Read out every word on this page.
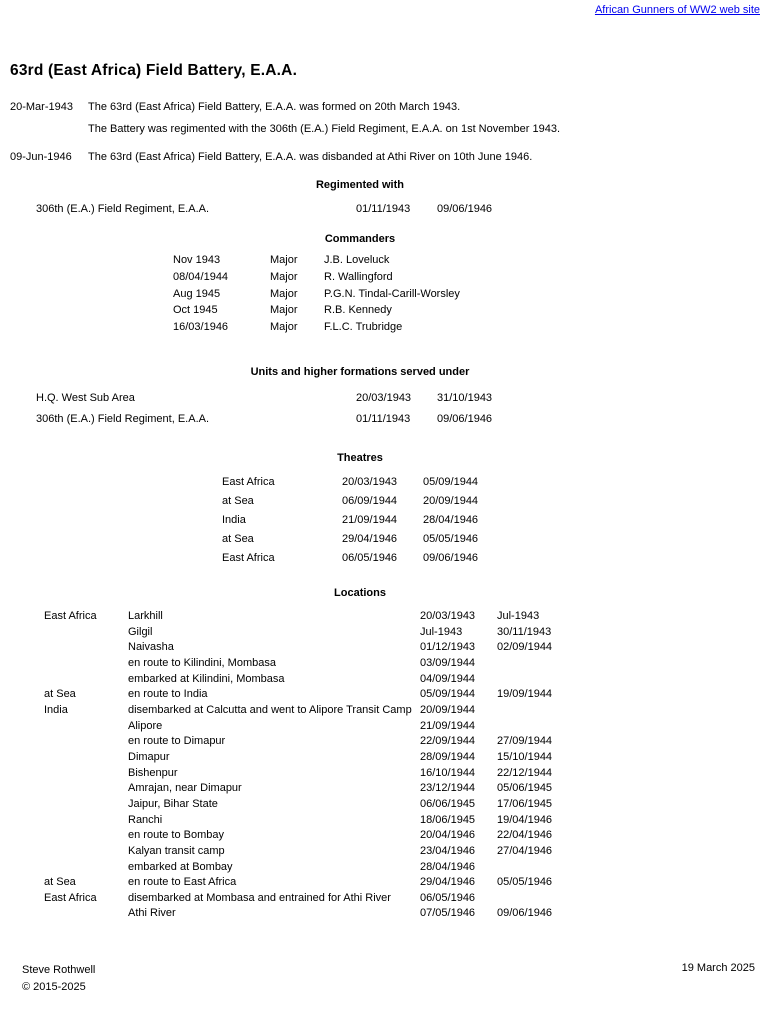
African Gunners of WW2 web site
63rd (East Africa) Field Battery, E.A.A.
20-Mar-1943	The 63rd (East Africa) Field Battery, E.A.A. was formed on 20th March 1943.
The Battery was regimented with the 306th (E.A.) Field Regiment, E.A.A. on 1st November 1943.
09-Jun-1946	The 63rd (East Africa) Field Battery, E.A.A. was disbanded at Athi River on 10th June 1946.
Regimented with
306th (E.A.) Field Regiment, E.A.A.	01/11/1943	09/06/1946
Commanders
Nov 1943	Major	J.B. Loveluck
08/04/1944	Major	R. Wallingford
Aug 1945	Major	P.G.N. Tindal-Carill-Worsley
Oct 1945	Major	R.B. Kennedy
16/03/1946	Major	F.L.C. Trubridge
Units and higher formations served under
H.Q. West Sub Area	20/03/1943	31/10/1943
306th (E.A.) Field Regiment, E.A.A.	01/11/1943	09/06/1946
Theatres
East Africa	20/03/1943	05/09/1944
at Sea	06/09/1944	20/09/1944
India	21/09/1944	28/04/1946
at Sea	29/04/1946	05/05/1946
East Africa	06/05/1946	09/06/1946
Locations
East Africa	Larkhill	20/03/1943	Jul-1943
Gilgil	Jul-1943	30/11/1943
Naivasha	01/12/1943	02/09/1944
en route to Kilindini, Mombasa	03/09/1944
embarked at Kilindini, Mombasa	04/09/1944
at Sea	en route to India	05/09/1944	19/09/1944
India	disembarked at Calcutta and went to Alipore Transit Camp 20/09/1944
Alipore	21/09/1944
en route to Dimapur	22/09/1944	27/09/1944
Dimapur	28/09/1944	15/10/1944
Bishenpur	16/10/1944	22/12/1944
Amrajan, near Dimapur	23/12/1944	05/06/1945
Jaipur, Bihar State	06/06/1945	17/06/1945
Ranchi	18/06/1945	19/04/1946
en route to Bombay	20/04/1946	22/04/1946
Kalyan transit camp	23/04/1946	27/04/1946
embarked at Bombay	28/04/1946
at Sea	en route to East Africa	29/04/1946	05/05/1946
East Africa	disembarked at Mombasa and entrained for Athi River	06/05/1946
Athi River	07/05/1946	09/06/1946
Steve Rothwell
© 2015-2025
19 March 2025
